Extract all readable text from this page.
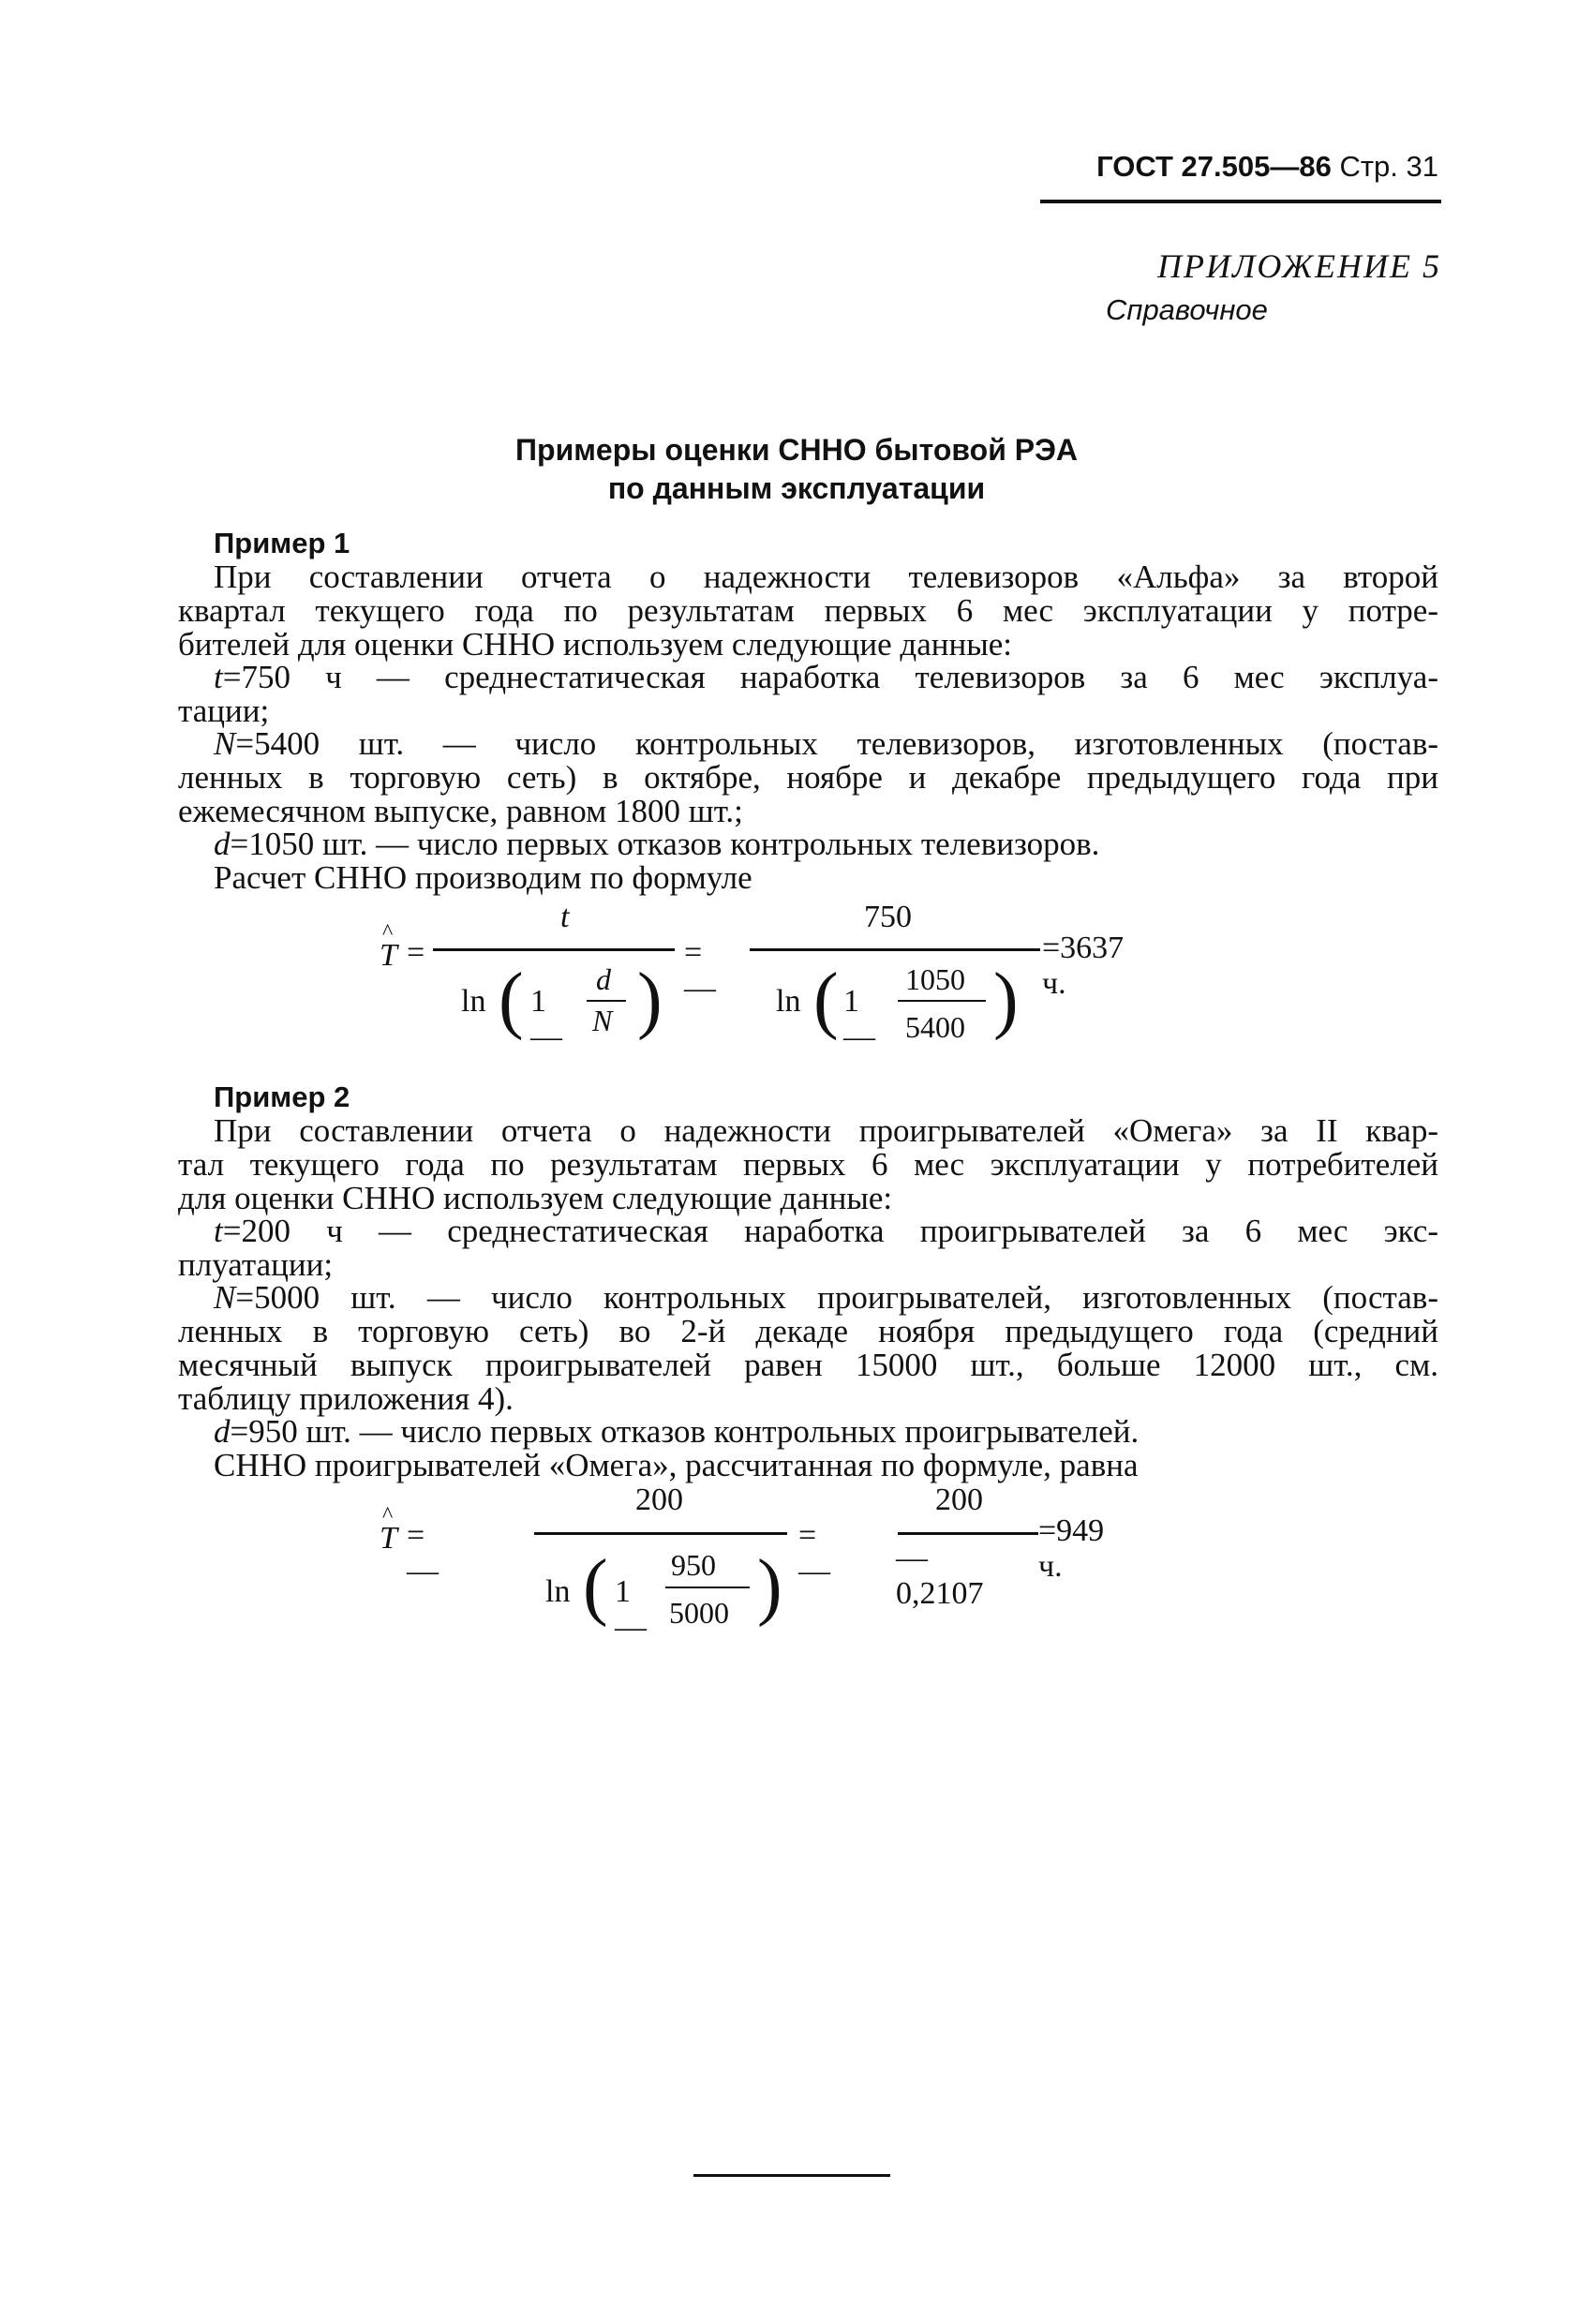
ГОСТ 27.505—86 Стр. 31
ПРИЛОЖЕНИЕ 5
Справочное
Примеры оценки СННО бытовой РЭА
по данным эксплуатации
Пример 1
При составлении отчета о надежности телевизоров «Альфа» за второй
квартал текущего года по результатам первых 6 мес эксплуатации у потре-
бителей для оценки СННО используем следующие данные:
t=750 ч — среднестатическая наработка телевизоров за 6 мес эксплуа-
тации;
N=5400 шт. — число контрольных телевизоров, изготовленных (постав-
ленных в торговую сеть) в октябре, ноябре и декабре предыдущего года при
ежемесячном выпуске, равном 1800 шт.;
d=1050 шт. — число первых отказов контрольных телевизоров.
Расчет СННО производим по формуле
T
^
=
t
ln ( 1—
d
N )
= —
750
ln ( 1—
1050
5400 )
=3637 ч.
Пример 2
При составлении отчета о надежности проигрывателей «Омега» за II квар-
тал текущего года по результатам первых 6 мес эксплуатации у потребителей
для оценки СННО используем следующие данные:
t=200 ч — среднестатическая наработка проигрывателей за 6 мес экс-
плуатации;
N=5000 шт. — число контрольных проигрывателей, изготовленных (постав-
ленных в торговую сеть) во 2-й декаде ноября предыдущего года (средний
месячный выпуск проигрывателей равен 15000 шт., больше 12000 шт., см.
таблицу приложения 4).
d=950 шт. — число первых отказов контрольных проигрывателей.
СННО проигрывателей «Омега», рассчитанная по формуле, равна
T
^
= —
200
ln ( 1—
950
5000 )
= —
200
— 0,2107
=949 ч.
